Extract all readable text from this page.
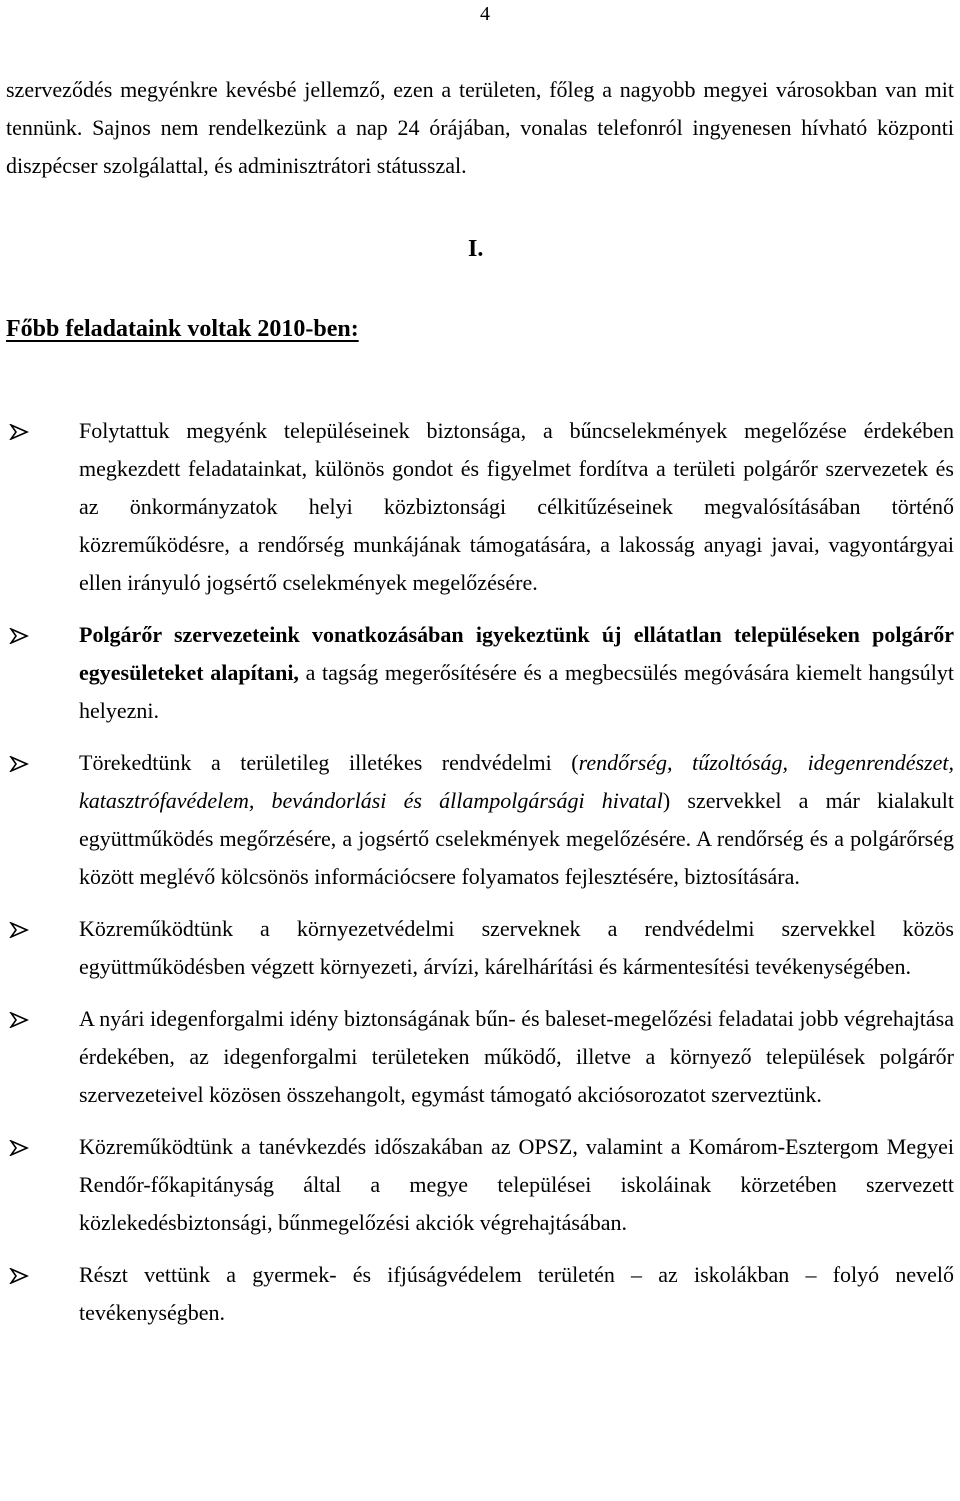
4

szerveződés megyénkre kevésbé jellemző, ezen a területen, főleg a nagyobb megyei városokban van mit tennünk. Sajnos nem rendelkezünk a nap 24 órájában, vonalas telefonról ingyenesen hívható központi diszpécser szolgálattal, és adminisztrátori státusszal.

I.

Főbb feladataink voltak 2010-ben:
Folytattuk megyénk településeinek biztonsága, a bűncselekmények megelőzése érdekében megkezdett feladatainkat, különös gondot és figyelmet fordítva a területi polgárőr szervezetek és az önkormányzatok helyi közbiztonsági célkitűzéseinek megvalósításában történő közreműködésre, a rendőrség munkájának támogatására, a lakosság anyagi javai, vagyontárgyai ellen irányuló jogsértő cselekmények megelőzésére.
Polgárőr szervezeteink vonatkozásában igyekeztünk új ellátatlan településeken polgárőr egyesületeket alapítani, a tagság megerősítésére és a megbecsülés megóvására kiemelt hangsúlyt helyezni.
Törekedtünk a területileg illetékes rendvédelmi (rendőrség, tűzoltóság, idegenrendészet, katasztrófavédelem, bevándorlási és állampolgársági hivatal) szervekkel a már kialakult együttműködés megőrzésére, a jogsértő cselekmények megelőzésére. A rendőrség és a polgárőrség között meglévő kölcsönös információcsere folyamatos fejlesztésére, biztosítására.
Közreműködtünk a környezetvédelmi szerveknek a rendvédelmi szervekkel közös együttműködésben végzett környezeti, árvízi, kárelhárítási és kármentesítési tevékenységében.
A nyári idegenforgalmi idény biztonságának bűn- és baleset-megelőzési feladatai jobb végrehajtása érdekében, az idegenforgalmi területeken működő, illetve a környező települések polgárőr szervezeteivel közösen összehangolt, egymást támogató akciósorozatot szerveztünk.
Közreműködtünk a tanévkezdés időszakában az OPSZ, valamint a Komárom-Esztergom Megyei Rendőr-főkapitányság által a megye települései iskoláinak körzetében szervezett közlekedésbiztonsági, bűnmegelőzési akciók végrehajtásában.
Részt vettünk a gyermek- és ifjúságvédelem területén – az iskolákban – folyó nevelő tevékenységben.
